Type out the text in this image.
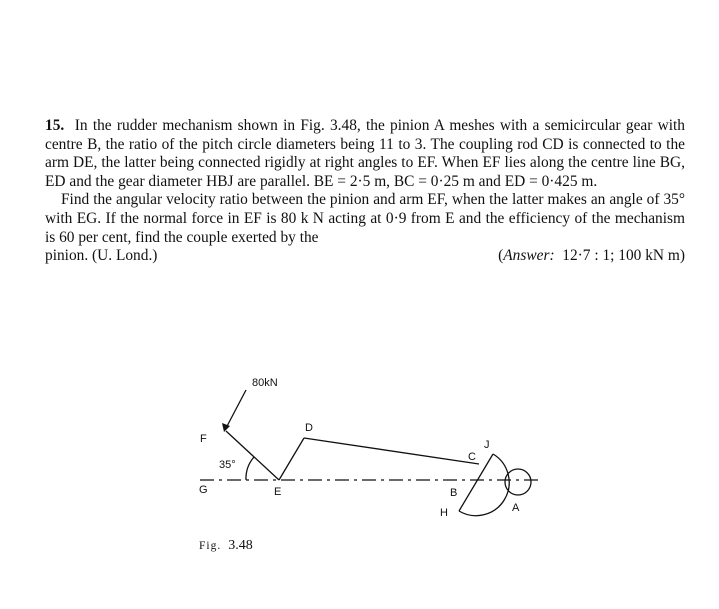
15. In the rudder mechanism shown in Fig. 3.48, the pinion A meshes with a semicircular gear with centre B, the ratio of the pitch circle diameters being 11 to 3. The coupling rod CD is connected to the arm DE, the latter being connected rigidly at right angles to EF. When EF lies along the centre line BG, ED and the gear diameter HBJ are parallel. BE = 2·5 m, BC = 0·25 m and ED = 0·425 m.

Find the angular velocity ratio between the pinion and arm EF, when the latter makes an angle of 35° with EG. If the normal force in EF is 80 k N acting at 0·9 from E and the efficiency of the mechanism is 60 per cent, find the couple exerted by the

pinion. (U. Lond.)	(Answer: 12·7 : 1; 100 kN m)
80kN
F
35°
G	E
D
C
J
B
H	A
Fig. 3.48
